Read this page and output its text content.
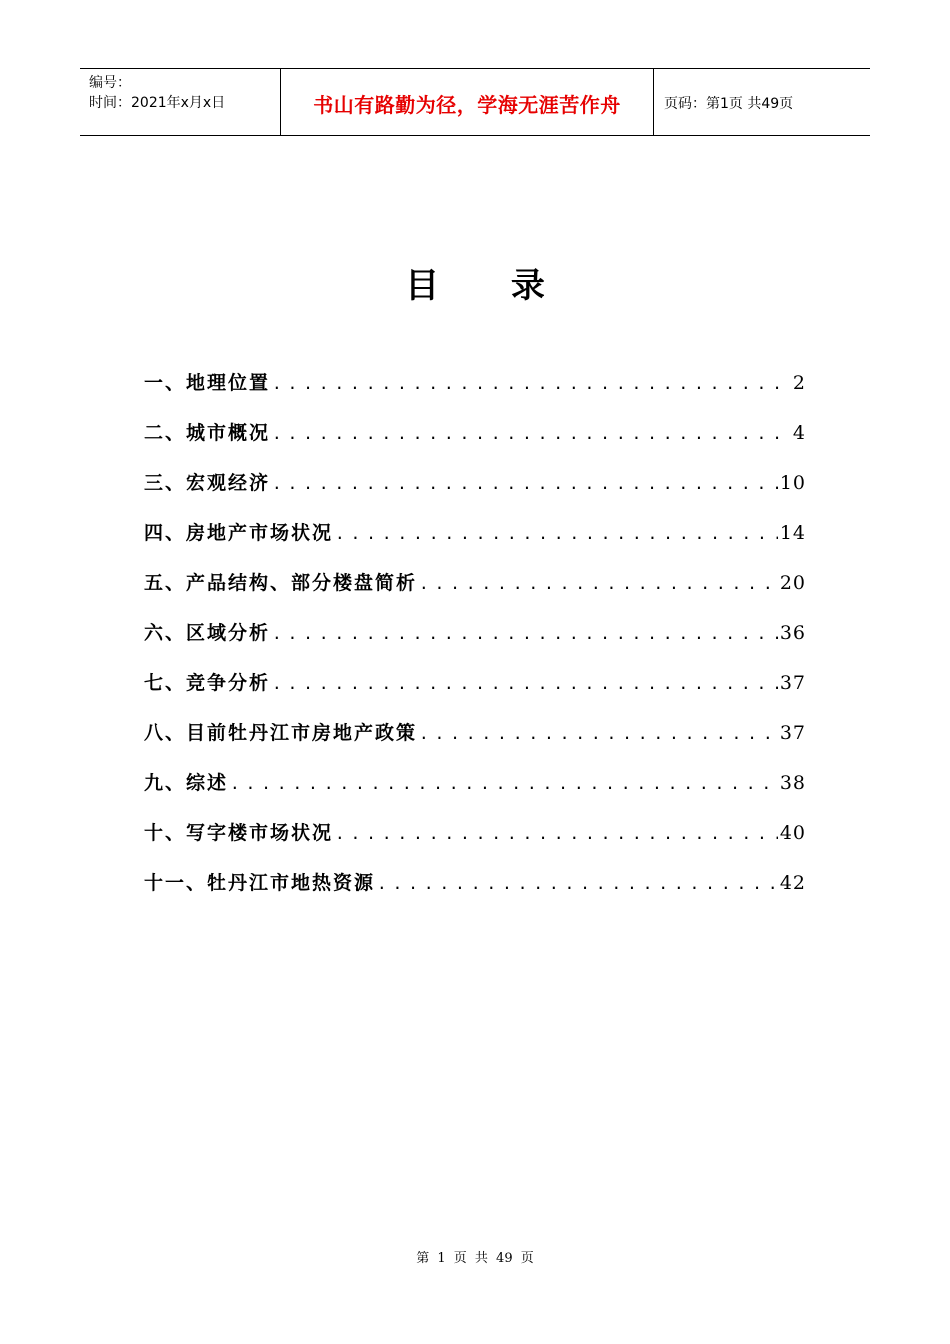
编号：
时间：2021年x月x日	书山有路勤为径，学海无涯苦作舟	页码：第1页 共49页
目 录
一、地理位置 .....	2
二、城市概况 .....	4
三、宏观经济 .....	10
四、房地产市场状况 .....	14
五、产品结构、部分楼盘简析 .....	20
六、区域分析 .....	36
七、竞争分析 .....	37
八、目前牡丹江市房地产政策 .....	37
九、综述 .....	38
十、写字楼市场状况 .....	40
十一、牡丹江市地热资源 .....	42
第 1 页 共 49 页
